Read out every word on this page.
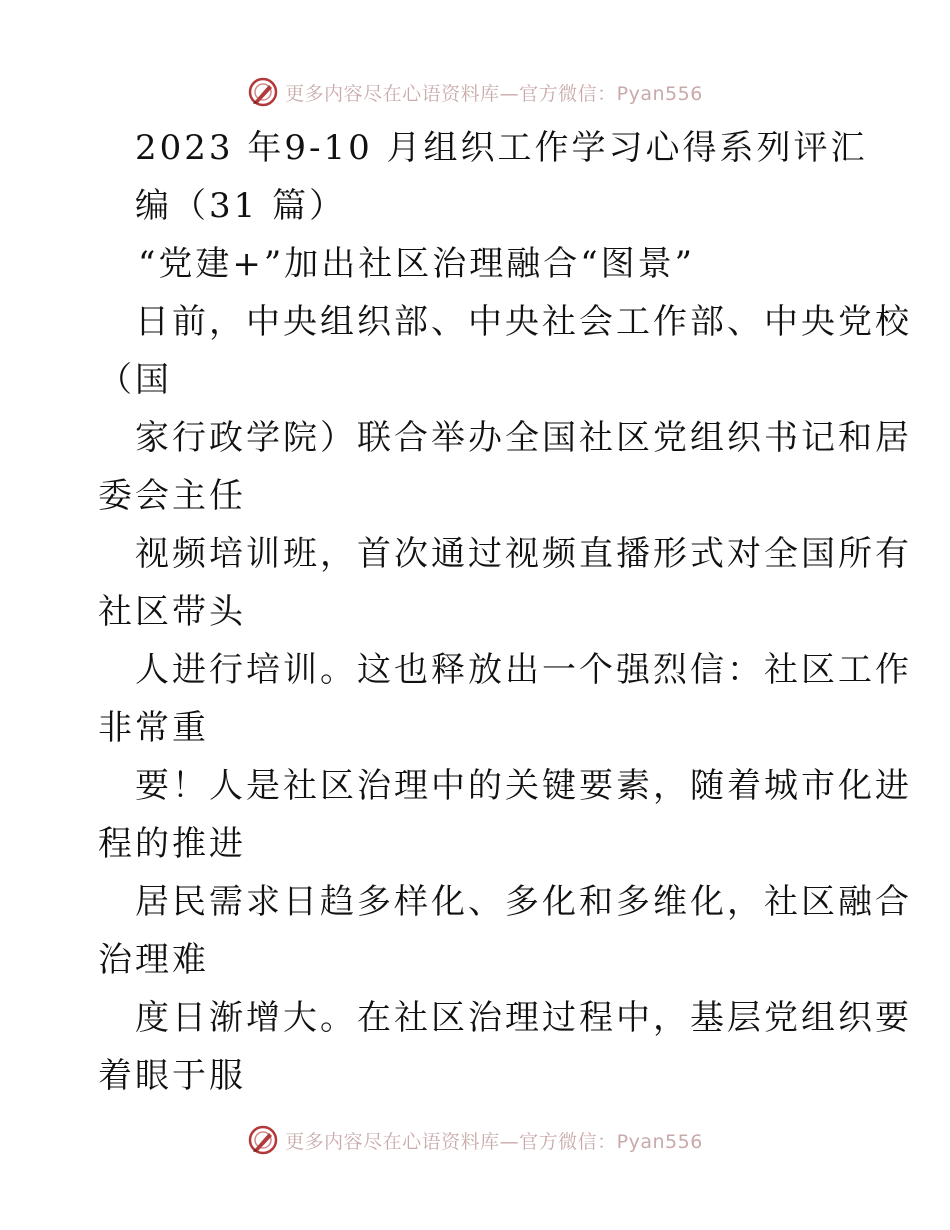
更多内容尽在心语资料库—官方微信：Pyan556
2023 年9-10 月组织工作学习心得系列评汇
编（31 篇）
“党建+”加出社区治理融合“图景”
日前，中央组织部、中央社会工作部、中央党校
（国
家行政学院）联合举办全国社区党组织书记和居
委会主任
视频培训班，首次通过视频直播形式对全国所有
社区带头
人进行培训。这也释放出一个强烈信：社区工作
非常重
要！人是社区治理中的关键要素，随着城市化进
程的推进
居民需求日趋多样化、多化和多维化，社区融合
治理难
度日渐增大。在社区治理过程中，基层党组织要
着眼于服
更多内容尽在心语资料库—官方微信：Pyan556
